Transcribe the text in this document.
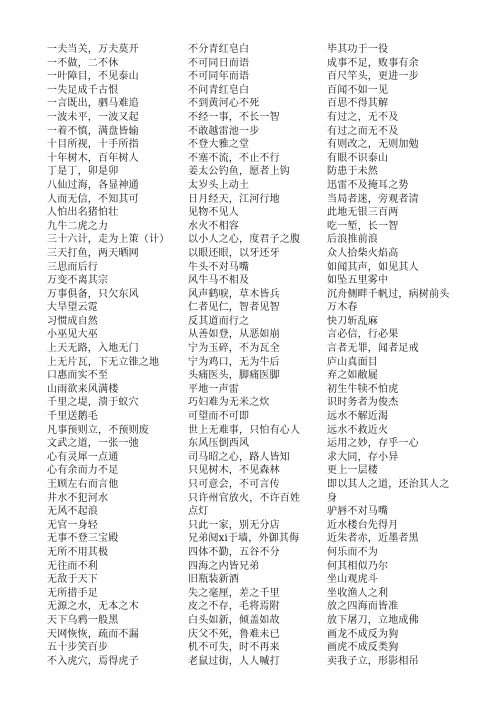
一夫当关，万夫莫开
一不做，二不休
一叶障目，不见泰山
一失足成千古恨
一言既出，驷马难追
一波未平，一波又起
一着不慎，满盘皆输
十目所视，十手所指
十年树木，百年树人
丁是丁，卯是卯
八仙过海，各显神通
人而无信，不知其可
人怕出名猪怕壮
九牛二虎之力
三十六计，走为上策（计）
三天打鱼，两天晒网
三思而后行
万变不离其宗
万事俱备，只欠东风
大旱望云霓
习惯成自然
小巫见大巫
上天无路，入地无门
上无片瓦，下无立锥之地
口惠而实不至
山雨欲来风满楼
千里之堤，溃于蚁穴
千里送鹅毛
凡事预则立，不预则废
文武之道，一张一弛
心有灵犀一点通
心有余而力不足
王顾左右而言他
井水不犯河水
无风不起浪
无官一身轻
无事不登三宝殿
无所不用其极
无往而不利
无敌于天下
无所措手足
无源之水，无本之木
天下乌鸦一般黑
天网恢恢，疏而不漏
五十步笑百步
不入虎穴，焉得虎子
不分青红皂白
不可同日而语
不可同年而语
不问青红皂白
不到黄河心不死
不经一事，不长一智
不敢越雷池一步
不登大雅之堂
不塞不流，不止不行
姜太公钓鱼，愿者上钩
太岁头上动土
日月经天，江河行地
见物不见人
水火不相容
以小人之心，度君子之腹
以眼还眼，以牙还牙
牛头不对马嘴
风牛马不相及
风声鹤唳，草木皆兵
仁者见仁，智者见智
反其道而行之
从善如登，从恶如崩
宁为玉碎，不为瓦全
宁为鸡口，无为牛后
头痛医头，脚痛医脚
平地一声雷
巧妇难为无米之炊
可望而不可即
世上无难事，只怕有心人
东风压倒西风
司马昭之心，路人皆知
只见树木，不见森林
只可意会，不可言传
只许州官放火，不许百姓点灯
只此一家，别无分店
兄弟阋xi于墙，外御其侮
四体不勤，五谷不分
四海之内皆兄弟
旧瓶装新酒
失之毫厘，差之千里
皮之不存，毛将焉附
白头如新，倾盖如故
庆父不死，鲁难未已
机不可失，时不再来
老鼠过街，人人喊打
毕其功于一役
成事不足，败事有余
百尺竿头，更进一步
百闻不如一见
百思不得其解
有过之，无不及
有过之而无不及
有则改之，无则加勉
有眼不识泰山
防患于未然
迅雷不及掩耳之势
当局者迷，旁观者清
此地无银三百两
吃一堑，长一智
后浪推前浪
众人拾柴火焰高
如闻其声，如见其人
如坠五里雾中
沉舟侧畔千帆过，病树前头万木春
快刀斩乱麻
言必信，行必果
言者无罪，闻者足戒
庐山真面目
弃之如敝屣
初生牛犊不怕虎
识时务者为俊杰
远水不解近渴
远水不救近火
运用之妙，存乎一心
求大同，存小异
更上一层楼
即以其人之道，还治其人之身
驴唇不对马嘴
近水楼台先得月
近朱者赤，近墨者黑
何乐而不为
何其相似乃尔
坐山观虎斗
坐收渔人之利
放之四海而皆准
放下屠刀，立地成佛
画龙不成反为狗
画虎不成反类狗
卖我子立，形影相吊
